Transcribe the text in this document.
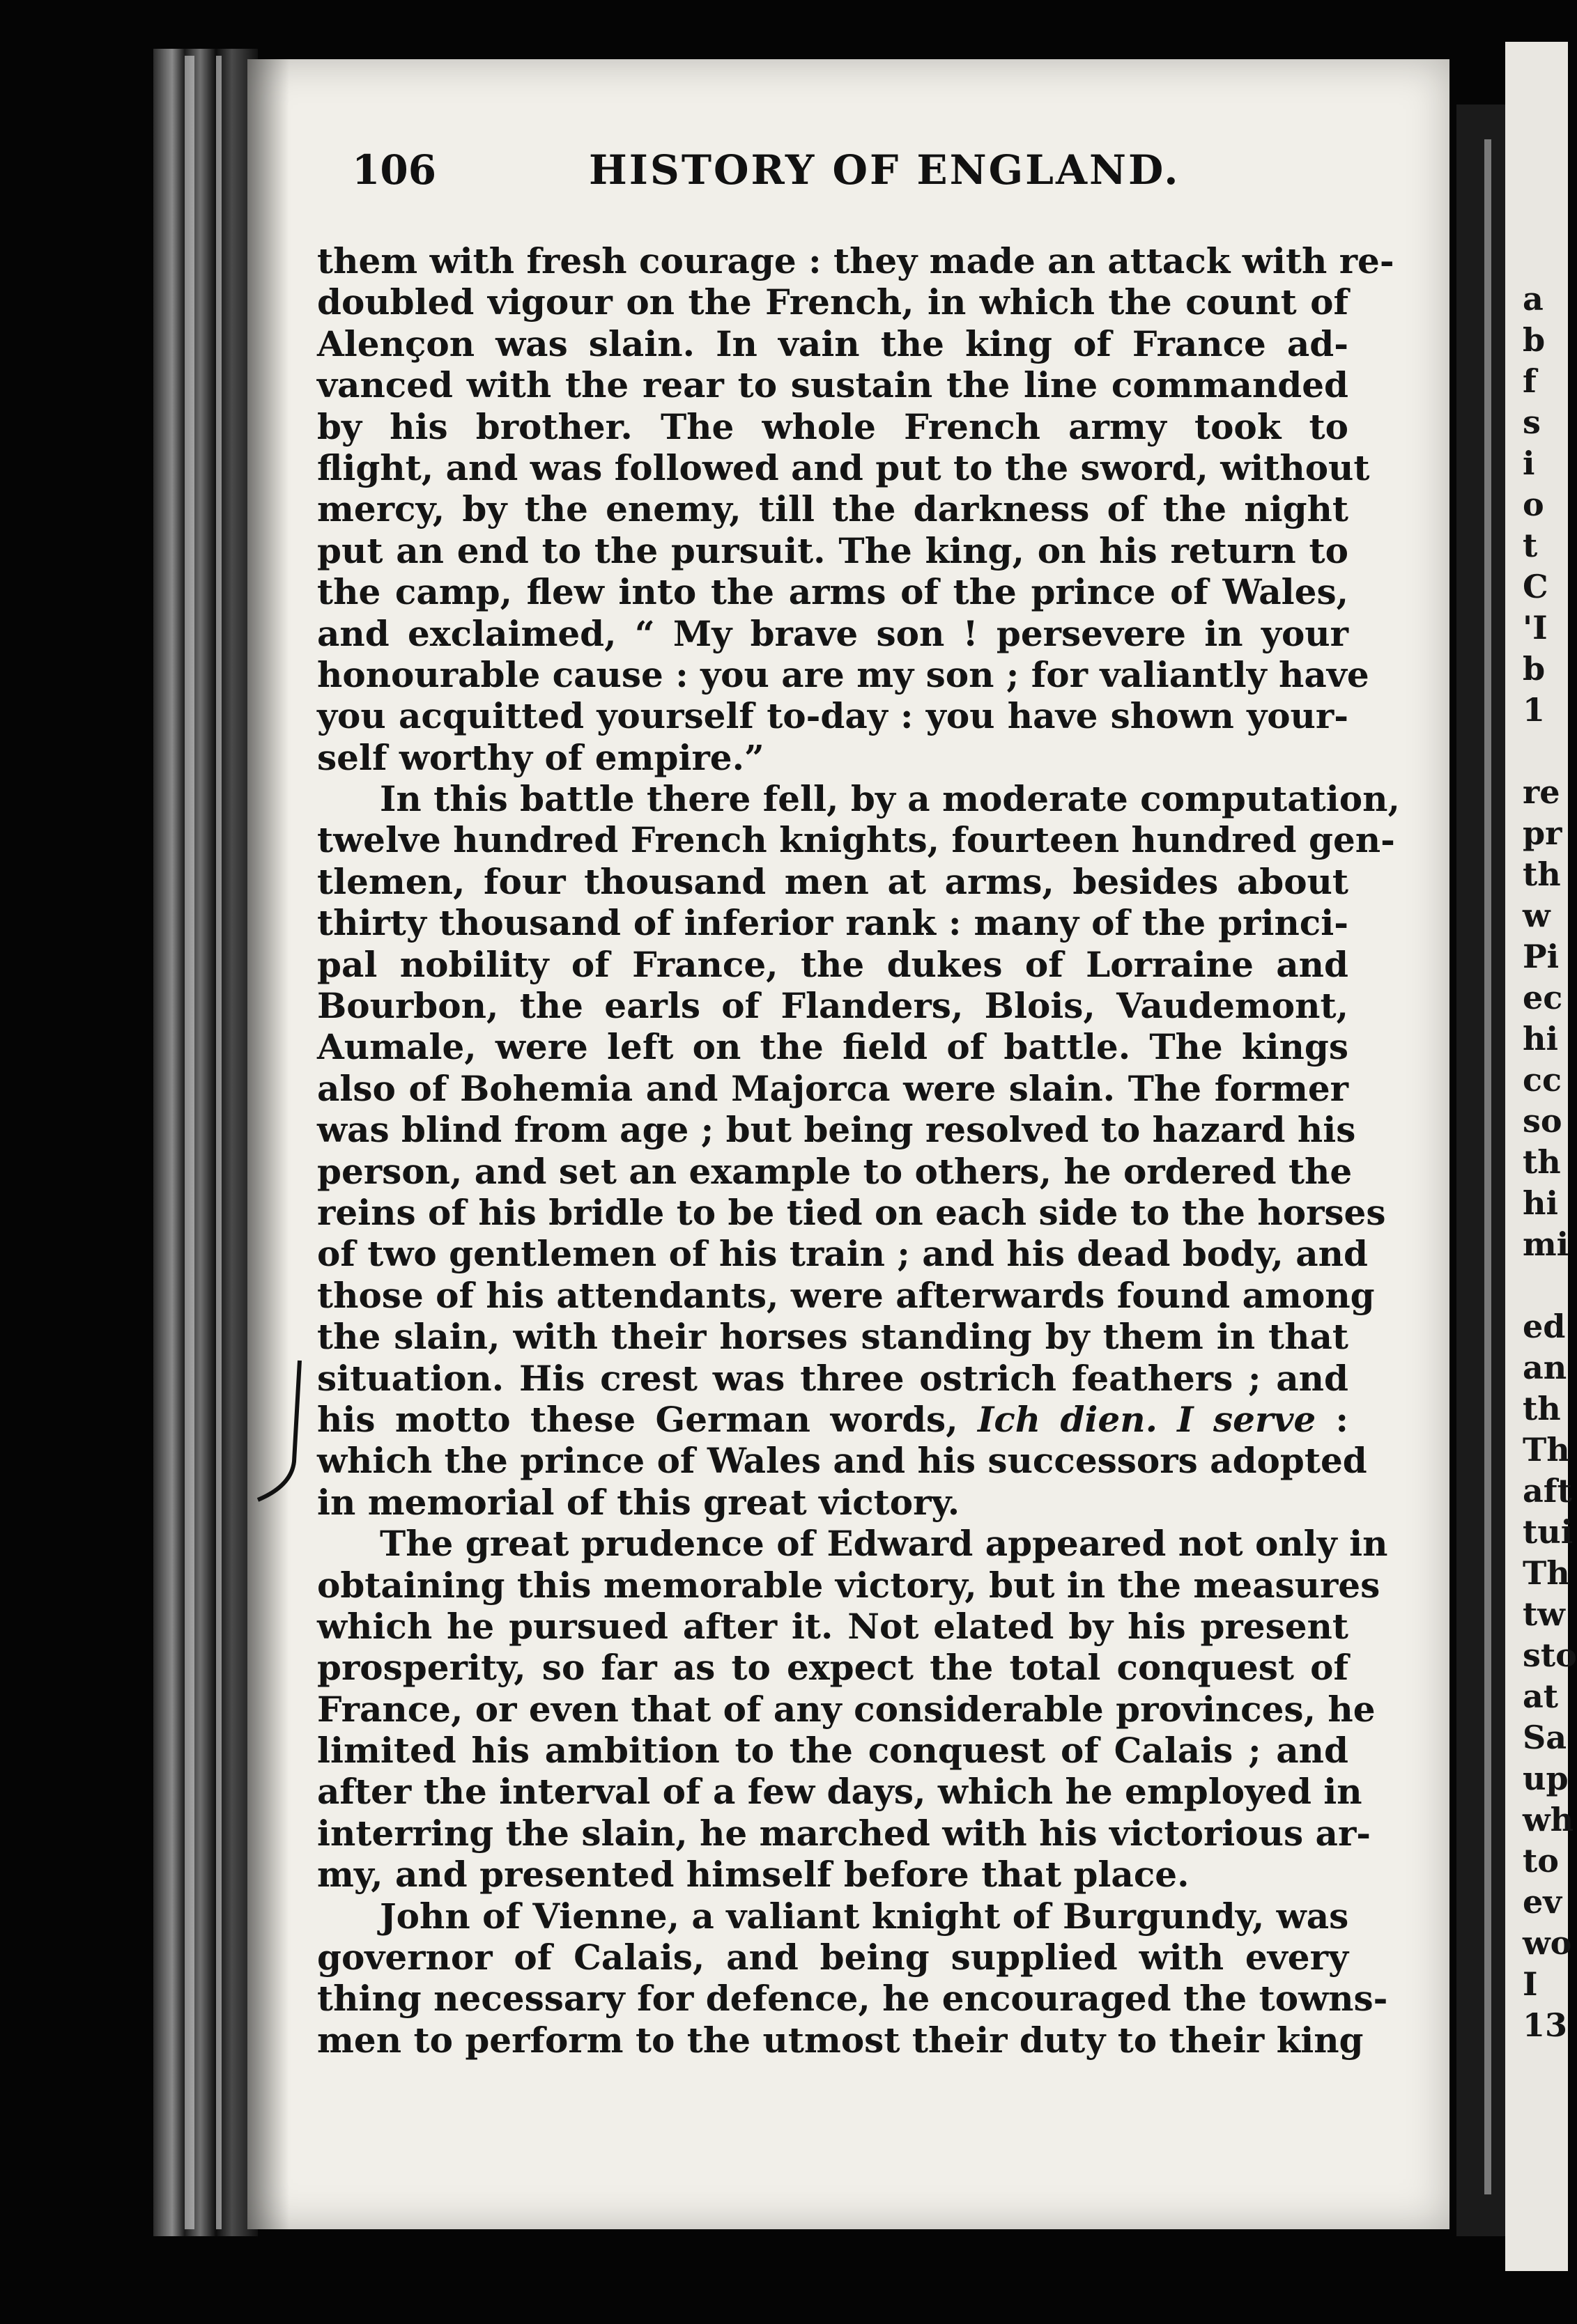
106	HISTORY OF ENGLAND.
them with fresh courage : they made an attack with re-
doubled vigour on the French, in which the count of
Alençon was slain. In vain the king of France ad-
vanced with the rear to sustain the line commanded
by his brother. The whole French army took to
flight, and was followed and put to the sword, without
mercy, by the enemy, till the darkness of the night
put an end to the pursuit. The king, on his return to
the camp, flew into the arms of the prince of Wales,
and exclaimed, “ My brave son ! persevere in your
honourable cause : you are my son ; for valiantly have
you acquitted yourself to-day : you have shown your-
self worthy of empire.”
In this battle there fell, by a moderate computation,
twelve hundred French knights, fourteen hundred gen-
tlemen, four thousand men at arms, besides about
thirty thousand of inferior rank : many of the princi-
pal nobility of France, the dukes of Lorraine and
Bourbon, the earls of Flanders, Blois, Vaudemont,
Aumale, were left on the field of battle. The kings
also of Bohemia and Majorca were slain. The former
was blind from age ; but being resolved to hazard his
person, and set an example to others, he ordered the
reins of his bridle to be tied on each side to the horses
of two gentlemen of his train ; and his dead body, and
those of his attendants, were afterwards found among
the slain, with their horses standing by them in that
situation. His crest was three ostrich feathers ; and
his motto these German words, Ich dien. I serve :
which the prince of Wales and his successors adopted
in memorial of this great victory.
The great prudence of Edward appeared not only in
obtaining this memorable victory, but in the measures
which he pursued after it. Not elated by his present
prosperity, so far as to expect the total conquest of
France, or even that of any considerable provinces, he
limited his ambition to the conquest of Calais ; and
after the interval of a few days, which he employed in
interring the slain, he marched with his victorious ar-
my, and presented himself before that place.
John of Vienne, a valiant knight of Burgundy, was
governor of Calais, and being supplied with every
thing necessary for defence, he encouraged the towns-
men to perform to the utmost their duty to their king
a
b
f
s
i
o
t
C
'I
b
1
re
pr
th
w
Pi
ec
hi
cc
so
th
hi
mi
ed
an
th
Th
aft
tui
Th
tw
sto
at
Sa
up
wh
to
ev
wo
I
13
